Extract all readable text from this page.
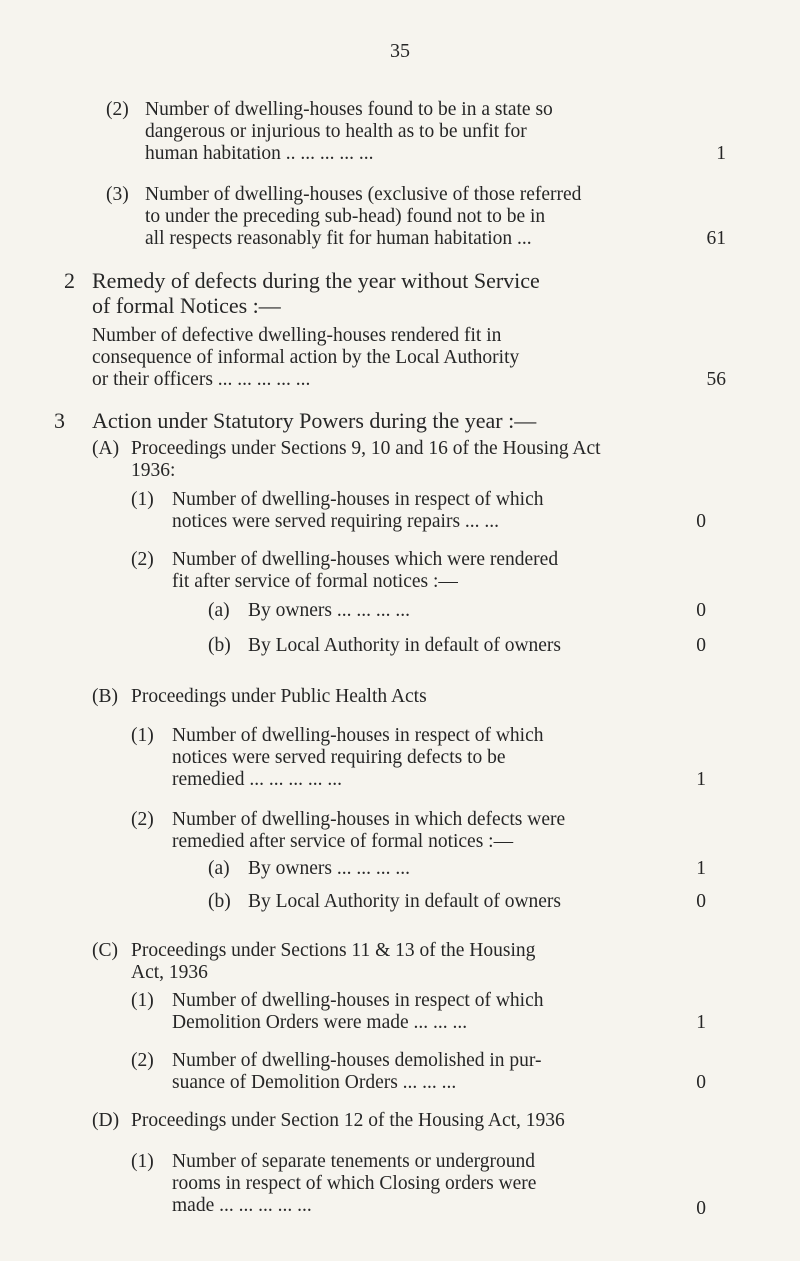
35
(2) Number of dwelling-houses found to be in a state so
dangerous or injurious to health as to be unfit for
human habitation .. ... ... ... ...	1
(3) Number of dwelling-houses (exclusive of those referred
to under the preceding sub-head) found not to be in
all respects reasonably fit for human habitation ...	61
2 Remedy of defects during the year without Service
of formal Notices :—
Number of defective dwelling-houses rendered fit in
consequence of informal action by the Local Authority
or their officers ... ... ... ... ...	56
3 Action under Statutory Powers during the year :—
(A) Proceedings under Sections 9, 10 and 16 of the Housing Act
1936:
(1) Number of dwelling-houses in respect of which
notices were served requiring repairs ... ...	0
(2) Number of dwelling-houses which were rendered
fit after service of formal notices :—
(a) By owners ... ... ... ...	0
(b) By Local Authority in default of owners	0
(B) Proceedings under Public Health Acts
(1) Number of dwelling-houses in respect of which
notices were served requiring defects to be
remedied ... ... ... ... ...	1
(2) Number of dwelling-houses in which defects were
remedied after service of formal notices :—
(a) By owners ... ... ... ...	1
(b) By Local Authority in default of owners	0
(C) Proceedings under Sections 11 & 13 of the Housing
Act, 1936
(1) Number of dwelling-houses in respect of which
Demolition Orders were made ... ... ...	1
(2) Number of dwelling-houses demolished in pur-
suance of Demolition Orders ... ... ...	0
(D) Proceedings under Section 12 of the Housing Act, 1936
(1) Number of separate tenements or underground
rooms in respect of which Closing orders were
made ... ... ... ... ...	0
